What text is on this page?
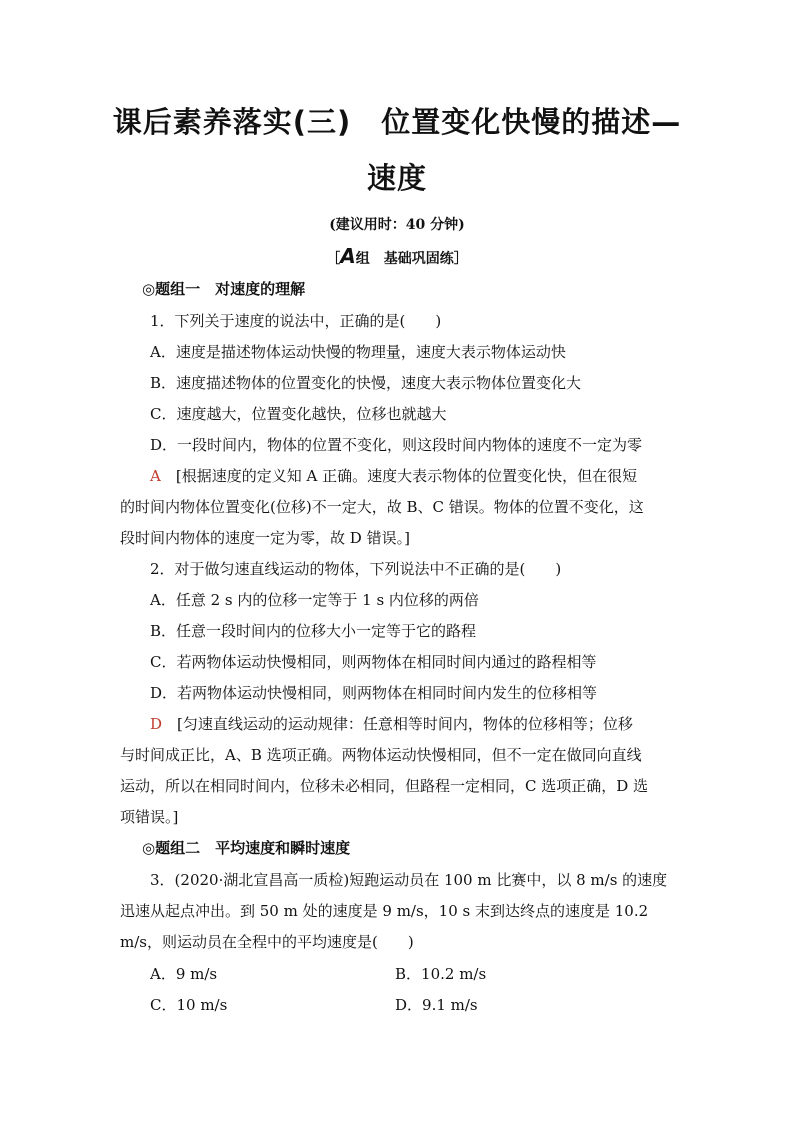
课后素养落实(三)　位置变化快慢的描述—
速度
(建议用时：40 分钟)
［A组　基础巩固练］
◎题组一　对速度的理解
1．下列关于速度的说法中，正确的是(　　)
A．速度是描述物体运动快慢的物理量，速度大表示物体运动快
B．速度描述物体的位置变化的快慢，速度大表示物体位置变化大
C．速度越大，位置变化越快，位移也就越大
D．一段时间内，物体的位置不变化，则这段时间内物体的速度不一定为零
A　[根据速度的定义知 A 正确。速度大表示物体的位置变化快，但在很短
的时间内物体位置变化(位移)不一定大，故 B、C 错误。物体的位置不变化，这
段时间内物体的速度一定为零，故 D 错误。]
2．对于做匀速直线运动的物体，下列说法中不正确的是(　　)
A．任意 2 s 内的位移一定等于 1 s 内位移的两倍
B．任意一段时间内的位移大小一定等于它的路程
C．若两物体运动快慢相同，则两物体在相同时间内通过的路程相等
D．若两物体运动快慢相同，则两物体在相同时间内发生的位移相等
D　[匀速直线运动的运动规律：任意相等时间内，物体的位移相等；位移
与时间成正比，A、B 选项正确。两物体运动快慢相同，但不一定在做同向直线
运动，所以在相同时间内，位移未必相同，但路程一定相同，C 选项正确，D 选
项错误。]
◎题组二　平均速度和瞬时速度
3．(2020·湖北宣昌高一质检)短跑运动员在 100 m 比赛中，以 8 m/s 的速度
迅速从起点冲出。到 50 m 处的速度是 9 m/s，10 s 末到达终点的速度是 10.2
m/s，则运动员在全程中的平均速度是(　　)
A．9 m/s	B．10.2 m/s
C．10 m/s	D．9.1 m/s
